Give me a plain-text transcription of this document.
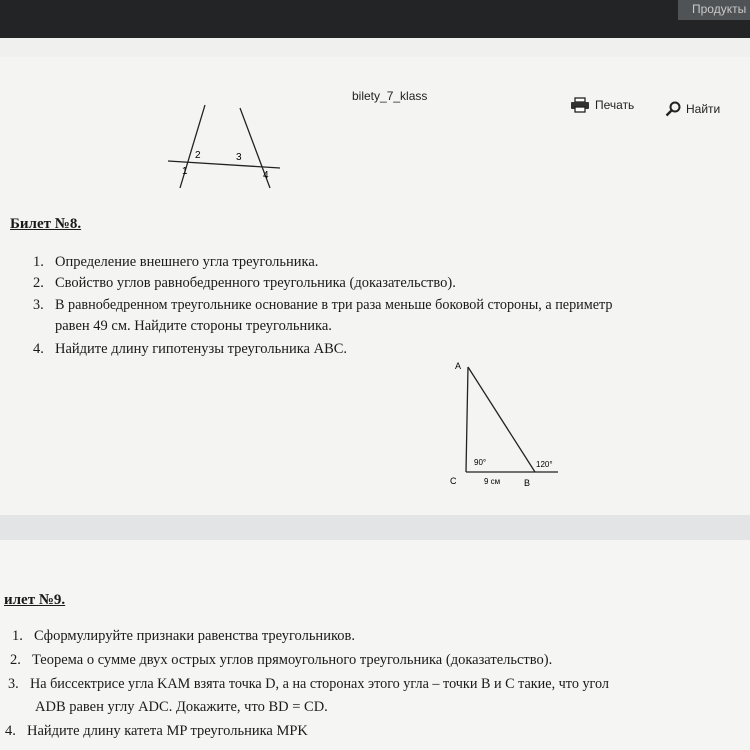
Продукты
bilety_7_klass
Печать	Найти
2	3
1	4
Билет №8.
1. Определение внешнего угла треугольника.
2. Свойство углов равнобедренного треугольника (доказательство).
3. В равнобедренном треугольнике основание в три раза меньше боковой стороны, а периметр
равен 49 см. Найдите стороны треугольника.
4. Найдите длину гипотенузы треугольника ABC.
A
90°	120°
C	9 см	B
илет №9.
1. Сформулируйте признаки равенства треугольников.
2. Теорема о сумме двух острых углов прямоугольного треугольника (доказательство).
3. На биссектрисе угла KAM взята точка D, а на сторонах этого угла – точки B и C такие, что угол
ADB равен углу ADC. Докажите, что BD = CD.
4. Найдите длину катета MP треугольника MPK
